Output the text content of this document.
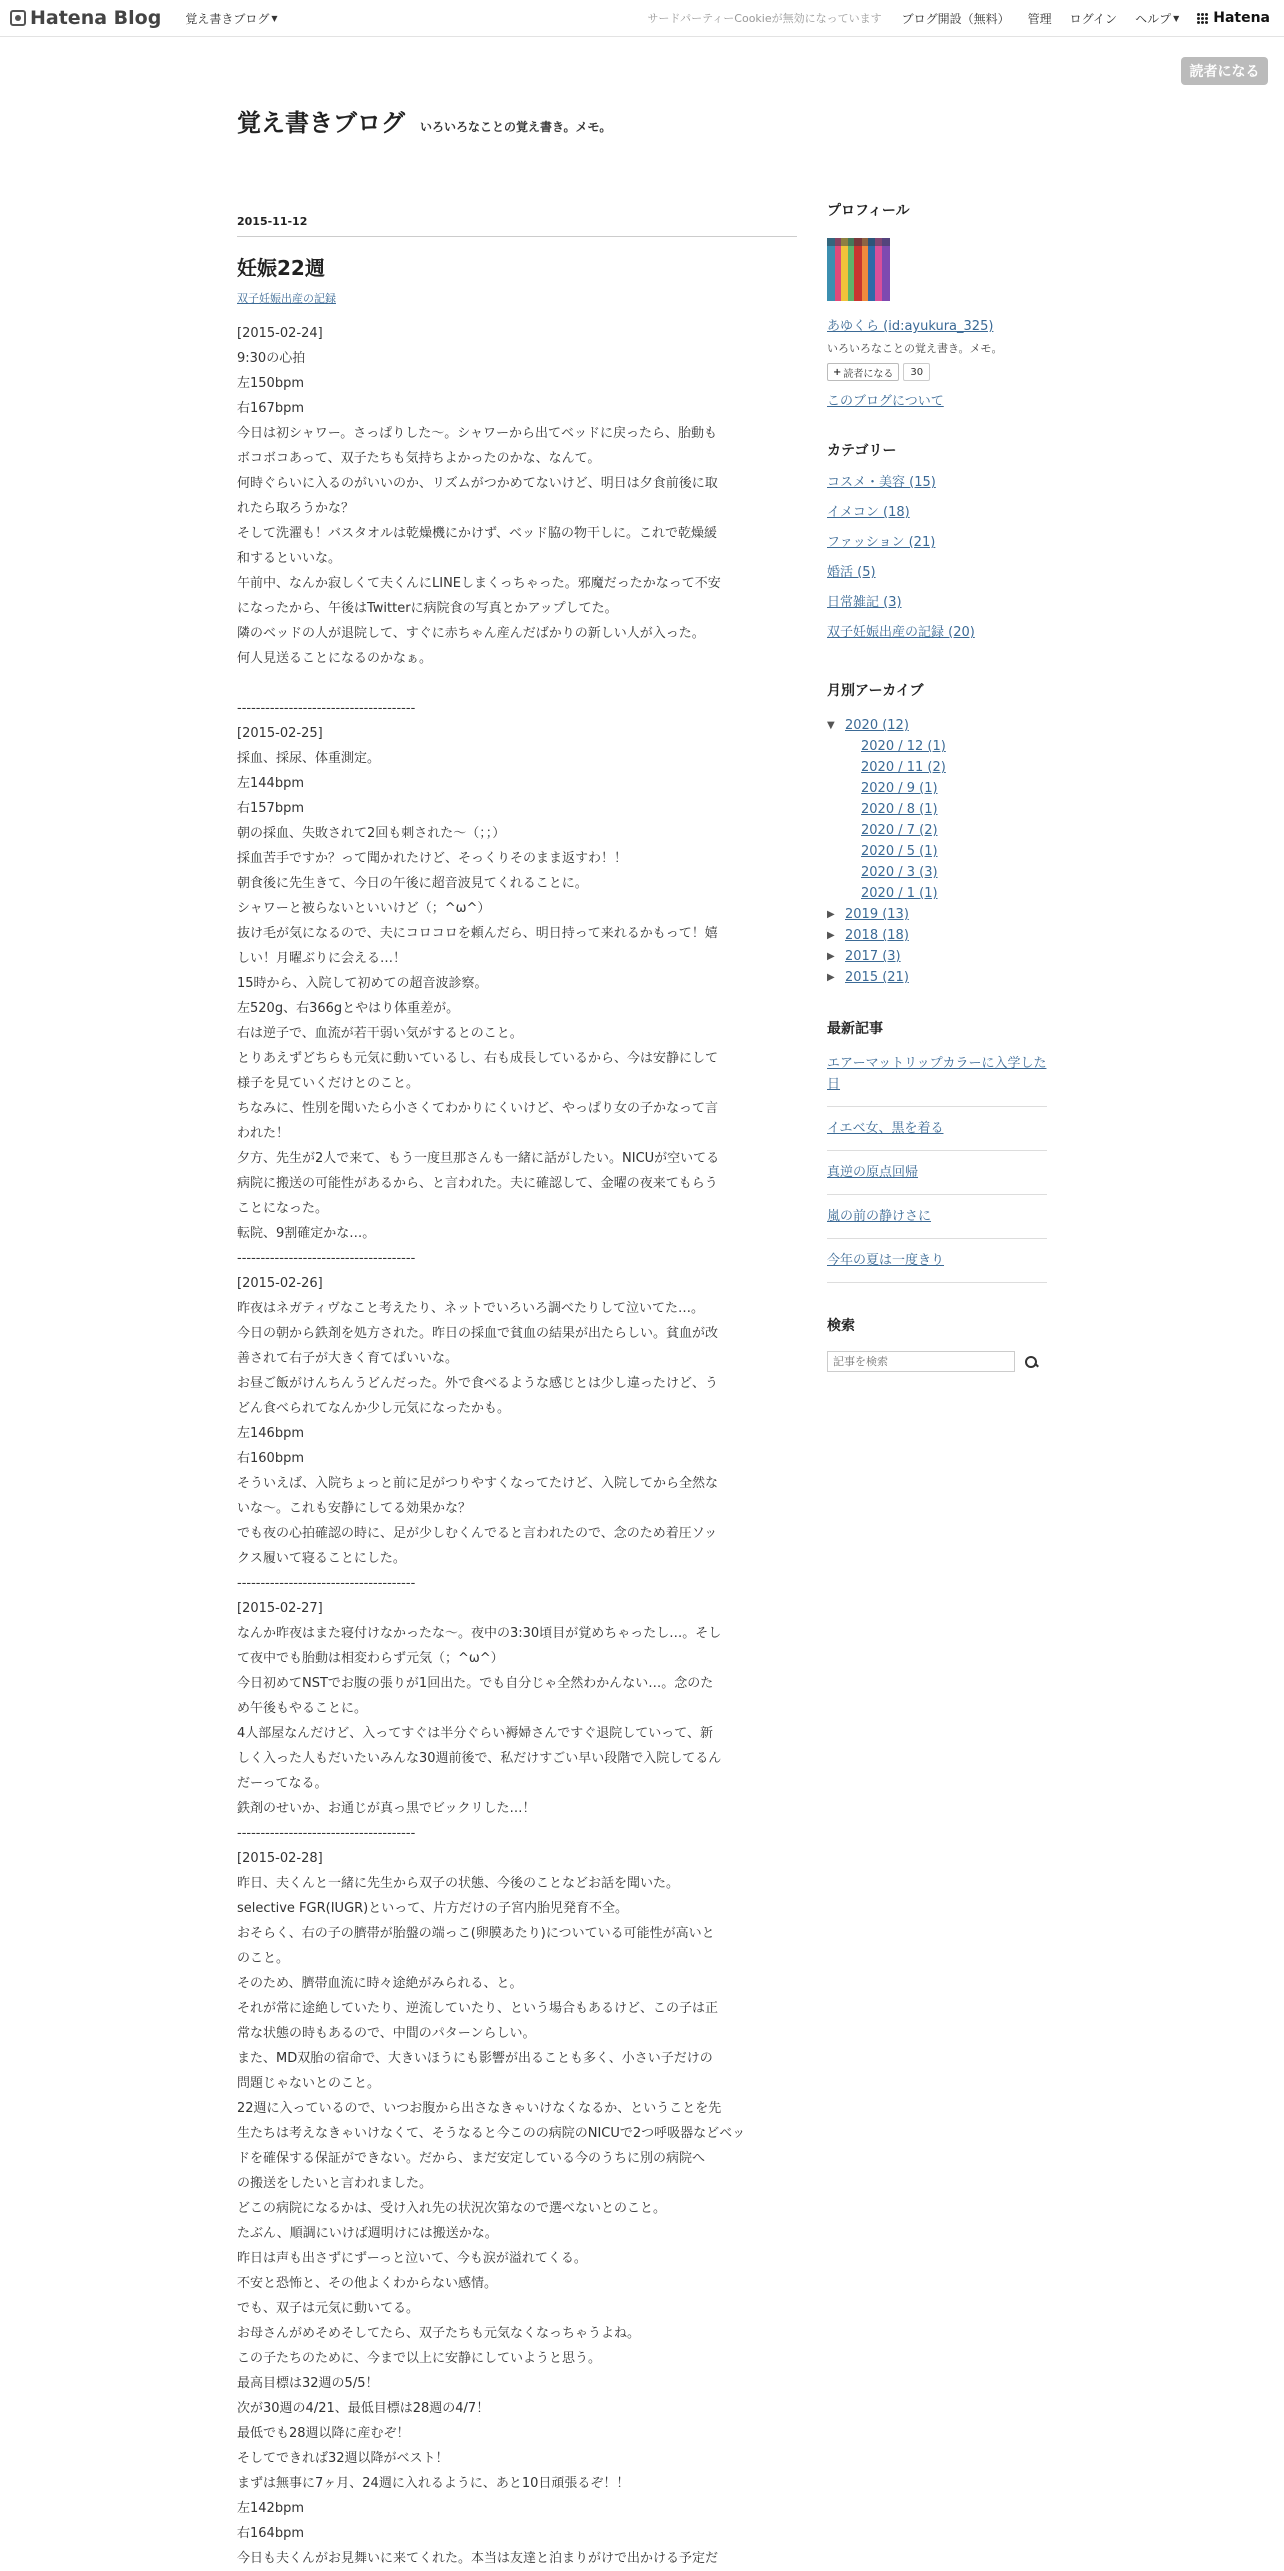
Hatena Blog 覚え書きブログ ▼	サードパーティーCookieが無効になっています ブログ開設（無料） 管理 ログイン ヘルプ ▼ Hatena
読者になる
覚え書きブログ いろいろなことの覚え書き。メモ。
2015-11-12
妊娠22週
双子妊娠出産の記録
[2015-02-24]
9:30の心拍
左150bpm
右167bpm
今日は初シャワー。さっぱりした〜。シャワーから出てベッドに戻ったら、胎動も
ボコボコあって、双子たちも気持ちよかったのかな、なんて。
何時ぐらいに入るのがいいのか、リズムがつかめてないけど、明日は夕食前後に取
れたら取ろうかな？
そして洗濯も！バスタオルは乾燥機にかけず、ベッド脇の物干しに。これで乾燥緩
和するといいな。
午前中、なんか寂しくて夫くんにLINEしまくっちゃった。邪魔だったかなって不安
になったから、午後はTwitterに病院食の写真とかアップしてた。
隣のベッドの人が退院して、すぐに赤ちゃん産んだばかりの新しい人が入った。
何人見送ることになるのかなぁ。

--------------------------------------
[2015-02-25]
採血、採尿、体重測定。
左144bpm
右157bpm
朝の採血、失敗されて2回も刺された〜（；；）
採血苦手ですか？って聞かれたけど、そっくりそのまま返すわ！！
朝食後に先生きて、今日の午後に超音波見てくれることに。
シャワーと被らないといいけど（；^ω^）
抜け毛が気になるので、夫にコロコロを頼んだら、明日持って来れるかもって！嬉
しい！月曜ぶりに会える…！
15時から、入院して初めての超音波診察。
左520g、右366gとやはり体重差が。
右は逆子で、血流が若干弱い気がするとのこと。
とりあえずどちらも元気に動いているし、右も成長しているから、今は安静にして
様子を見ていくだけとのこと。
ちなみに、性別を聞いたら小さくてわかりにくいけど、やっぱり女の子かなって言
われた！
夕方、先生が2人で来て、もう一度旦那さんも一緒に話がしたい。NICUが空いてる
病院に搬送の可能性があるから、と言われた。夫に確認して、金曜の夜来てもらう
ことになった。
転院、9割確定かな…。
--------------------------------------
[2015-02-26]
昨夜はネガティヴなこと考えたり、ネットでいろいろ調べたりして泣いてた…。
今日の朝から鉄剤を処方された。昨日の採血で貧血の結果が出たらしい。貧血が改
善されて右子が大きく育てばいいな。
お昼ご飯がけんちんうどんだった。外で食べるような感じとは少し違ったけど、う
どん食べられてなんか少し元気になったかも。
左146bpm
右160bpm
そういえば、入院ちょっと前に足がつりやすくなってたけど、入院してから全然な
いな〜。これも安静にしてる効果かな？
でも夜の心拍確認の時に、足が少しむくんでると言われたので、念のため着圧ソッ
クス履いて寝ることにした。
--------------------------------------
[2015-02-27]
なんか昨夜はまた寝付けなかったな〜。夜中の3:30頃目が覚めちゃったし…。そし
て夜中でも胎動は相変わらず元気（；^ω^）
今日初めてNSTでお腹の張りが1回出た。でも自分じゃ全然わかんない…。念のた
め午後もやることに。
4人部屋なんだけど、入ってすぐは半分ぐらい褥婦さんですぐ退院していって、新
しく入った人もだいたいみんな30週前後で、私だけすごい早い段階で入院してるん
だーってなる。
鉄剤のせいか、お通じが真っ黒でビックリした…！
--------------------------------------
[2015-02-28]
昨日、夫くんと一緒に先生から双子の状態、今後のことなどお話を聞いた。
selective FGR(IUGR)といって、片方だけの子宮内胎児発育不全。
おそらく、右の子の臍帯が胎盤の端っこ(卵膜あたり)についている可能性が高いと
のこと。
そのため、臍帯血流に時々途絶がみられる、と。
それが常に途絶していたり、逆流していたり、という場合もあるけど、この子は正
常な状態の時もあるので、中間のパターンらしい。
また、MD双胎の宿命で、大きいほうにも影響が出ることも多く、小さい子だけの
問題じゃないとのこと。
22週に入っているので、いつお腹から出さなきゃいけなくなるか、ということを先
生たちは考えなきゃいけなくて、そうなると今このの病院のNICUで2つ呼吸器などベッ
ドを確保する保証ができない。だから、まだ安定している今のうちに別の病院へ
の搬送をしたいと言われました。
どこの病院になるかは、受け入れ先の状況次第なので選べないとのこと。
たぶん、順調にいけば週明けには搬送かな。
昨日は声も出さずにずーっと泣いて、今も涙が溢れてくる。
不安と恐怖と、その他よくわからない感情。
でも、双子は元気に動いてる。
お母さんがめそめそしてたら、双子たちも元気なくなっちゃうよね。
この子たちのために、今まで以上に安静にしていようと思う。
最高目標は32週の5/5！
次が30週の4/21、最低目標は28週の4/7！
最低でも28週以降に産むぞ！
そしてできれば32週以降がベスト！
まずは無事に7ヶ月、24週に入れるように、あと10日頑張るぞ！！
左142bpm
右164bpm
今日も夫くんがお見舞いに来てくれた。本当は友達と泊まりがけで出かける予定だ
プロフィール
あゆくら (id:ayukura_325)
いろいろなことの覚え書き。メモ。
+ 読者になる	30
このブログについて
カテゴリー
コスメ・美容 (15)
イメコン (18)
ファッション (21)
婚活 (5)
日常雑記 (3)
双子妊娠出産の記録 (20)
月別アーカイブ
▼ 2020 (12)
2020 / 12 (1)
2020 / 11 (2)
2020 / 9 (1)
2020 / 8 (1)
2020 / 7 (2)
2020 / 5 (1)
2020 / 3 (3)
2020 / 1 (1)
▶ 2019 (13)
▶ 2018 (18)
▶ 2017 (3)
▶ 2015 (21)
最新記事
エアーマットリップカラーに入学した日
イエベ女、黒を着る
真逆の原点回帰
嵐の前の静けさに
今年の夏は一度きり
検索
記事を検索
